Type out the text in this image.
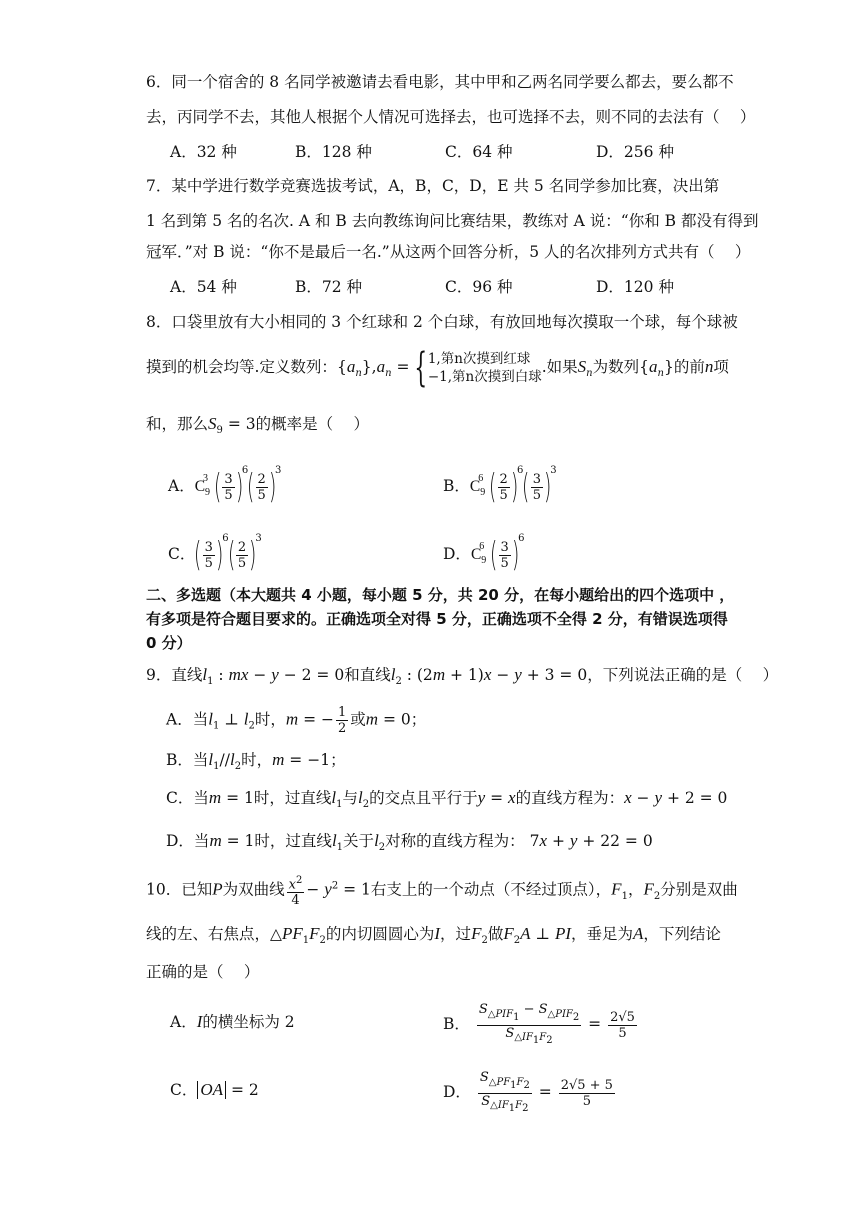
6．同一个宿舍的 8 名同学被邀请去看电影，其中甲和乙两名同学要么都去，要么都不
去，丙同学不去，其他人根据个人情况可选择去，也可选择不去，则不同的去法有（　 ）
A．32 种	B．128 种	C．64 种	D．256 种
7．某中学进行数学竞赛选拔考试，A，B，C，D，E 共 5 名同学参加比赛，决出第
1 名到第 5 名的名次. A 和 B 去向教练询问比赛结果，教练对 A 说：“你和 B 都没有得到
冠军．”对 B 说：“你不是最后一名.”从这两个回答分析，5 人的名次排列方式共有（　 ）
A．54 种	B．72 种	C．96 种	D．120 种
8．口袋里放有大小相同的 3 个红球和 2 个白球，有放回地每次摸取一个球，每个球被
摸到的机会均等.定义数列：$\{a_n\},a_n$ = { 1,第n次摸到红球
−1,第n次摸到白球
.如果$S_n$为数列$\{a_n\}$的前n项
和，那么$S_9 = 3$的概率是（　 ）
A．$C_9^3$ ( $\frac{3}{5} )^6( \frac{2}{5} )^3$
B．$C_9^6$ ( $\frac{2}{5} )^6( \frac{3}{5} )^3$
C．( $\frac{3}{5} )^6( \frac{2}{5} )^3$
D．$C_9^6$ ( $\frac{3}{5} )^6$
二、多选题（本大题共 4 小题，每小题 5 分，共 20 分，在每小题给出的四个选项中 ，
有多项是符合题目要求的。正确选项全对得 5 分，正确选项不全得 2 分，有错误选项得
0 分）
9．直线$l_1$ : mx − y − 2 = 0和直线$l_2$ : (2m + 1)x − y + 3 = 0，下列说法正确的是（　 ）
A．当$l_1$ ⊥ $l_2$时，m = − $\frac{1}{2}$ 或m = 0；
B．当$l_1//l_2$时，m = −1；
C．当m = 1时，过直线$l_1$与$l_2$的交点且平行于y = x的直线方程为：x − y + 2 = 0
D．当m = 1时，过直线$l_1$关于$l_2$对称的直线方程为： 7x + y + 22 = 0
10．已知P为双曲线 $\frac{x^2}{4} - y^2 = 1$右支上的一个动点（不经过顶点），$F_1$，$F_2$分别是双曲
线的左、右焦点，$\triangle PF_1F_2$的内切圆圆心为I，过$F_2$做$F_2A$ ⊥ PI，垂足为A，下列结论
正确的是（　 ）
A．I的横坐标为 2	B． $\frac{S_{\triangle PIF_1} - S_{\triangle PIF_2}}{S_{\triangle IF_1F_2}} = \frac{2√5}{5}$
C． OA = 2	D． $\frac{S_{\triangle PF_1F_2}}{S_{\triangle IF_1F_2}} = \frac{2√5 + 5}{5}$
